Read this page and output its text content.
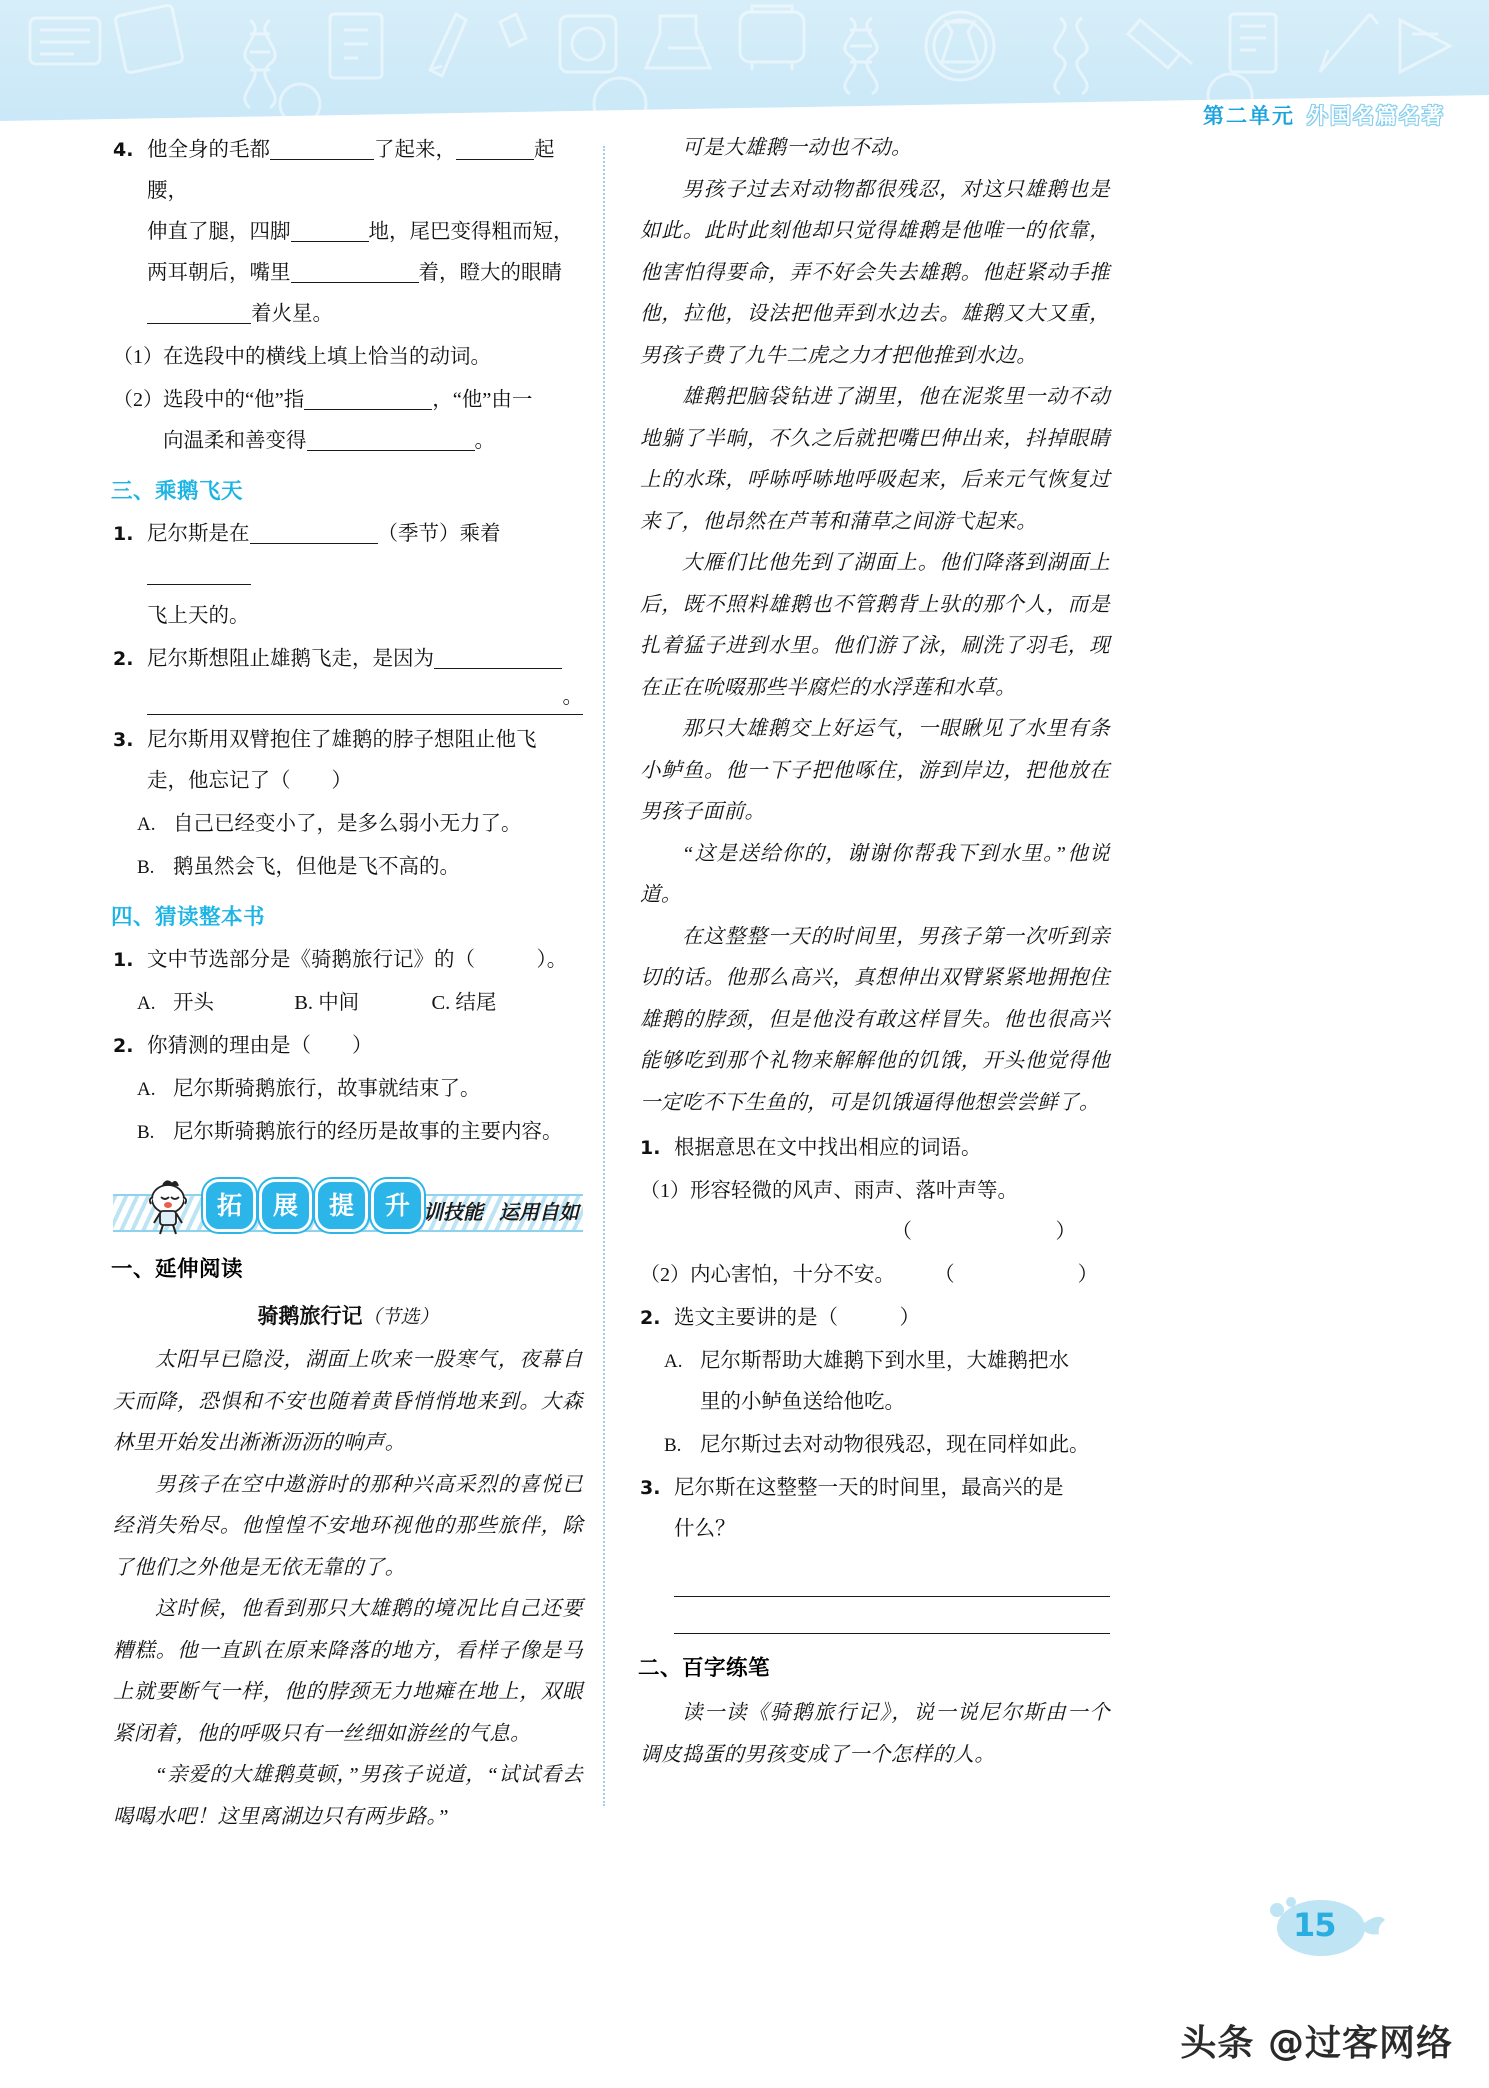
第二单元 外国名篇名著
4. 他全身的毛都	了起来，	起腰，
伸直了腿，四脚	地，尾巴变得粗而短，
两耳朝后，嘴里	着，瞪大的眼睛
着火星。
（1） 在选段中的横线上填上恰当的动词。
（2） 选段中的“他”指	，“他”由一
向温柔和善变得	。
三、乘鹅飞天
1. 尼尔斯是在	（季节）乘着
飞上天的。
2. 尼尔斯想阻止雄鹅飞走，是因为
。
3. 尼尔斯用双臂抱住了雄鹅的脖子想阻止他飞
走，他忘记了（　　）
A. 自己已经变小了，是多么弱小无力了。
B. 鹅虽然会飞，但他是飞不高的。
四、猜读整本书
1. 文中节选部分是《骑鹅旅行记》的（　　　）。
A. 开头	B. 中间	C. 结尾
2. 你猜测的理由是（　　）
A. 尼尔斯骑鹅旅行，故事就结束了。
B. 尼尔斯骑鹅旅行的经历是故事的主要内容。
拓	展	提	升 训技能 运用自如
一、延伸阅读
骑鹅旅行记（节选）
太阳早已隐没，湖面上吹来一股寒气，夜幕自天而降，恐惧和不安也随着黄昏悄悄地来到。大森林里开始发出淅淅沥沥的响声。
男孩子在空中遨游时的那种兴高采烈的喜悦已经消失殆尽。他惶惶不安地环视他的那些旅伴，除了他们之外他是无依无靠的了。
这时候，他看到那只大雄鹅的境况比自己还要糟糕。他一直趴在原来降落的地方，看样子像是马上就要断气一样，他的脖颈无力地瘫在地上，双眼紧闭着，他的呼吸只有一丝细如游丝的气息。
“亲爱的大雄鹅莫顿，”男孩子说道，“试试看去喝喝水吧！这里离湖边只有两步路。”
可是大雄鹅一动也不动。
男孩子过去对动物都很残忍，对这只雄鹅也是如此。此时此刻他却只觉得雄鹅是他唯一的依靠，他害怕得要命，弄不好会失去雄鹅。他赶紧动手推他，拉他，设法把他弄到水边去。雄鹅又大又重，男孩子费了九牛二虎之力才把他推到水边。
雄鹅把脑袋钻进了湖里，他在泥浆里一动不动地躺了半晌，不久之后就把嘴巴伸出来，抖掉眼睛上的水珠，呼哧呼哧地呼吸起来，后来元气恢复过来了，他昂然在芦苇和蒲草之间游弋起来。
大雁们比他先到了湖面上。他们降落到湖面上后，既不照料雄鹅也不管鹅背上驮的那个人，而是扎着猛子进到水里。他们游了泳，刷洗了羽毛，现在正在吮啜那些半腐烂的水浮莲和水草。
那只大雄鹅交上好运气，一眼瞅见了水里有条小鲈鱼。他一下子把他啄住，游到岸边，把他放在男孩子面前。
“这是送给你的，谢谢你帮我下到水里。”他说道。
在这整整一天的时间里，男孩子第一次听到亲切的话。他那么高兴，真想伸出双臂紧紧地拥抱住雄鹅的脖颈，但是他没有敢这样冒失。他也很高兴能够吃到那个礼物来解解他的饥饿，开头他觉得他一定吃不下生鱼的，可是饥饿逼得他想尝尝鲜了。
1. 根据意思在文中找出相应的词语。
（1） 形容轻微的风声、雨声、落叶声等。
（　　　　　　　）
（2） 内心害怕，十分不安。 （　　　　　　）
2. 选文主要讲的是（　　　）
A. 尼尔斯帮助大雄鹅下到水里，大雄鹅把水
里的小鲈鱼送给他吃。
B. 尼尔斯过去对动物很残忍，现在同样如此。
3. 尼尔斯在这整整一天的时间里，最高兴的是
什么？
二、百字练笔
读一读《骑鹅旅行记》，说一说尼尔斯由一个调皮捣蛋的男孩变成了一个怎样的人。
15
头条 @过客网络
